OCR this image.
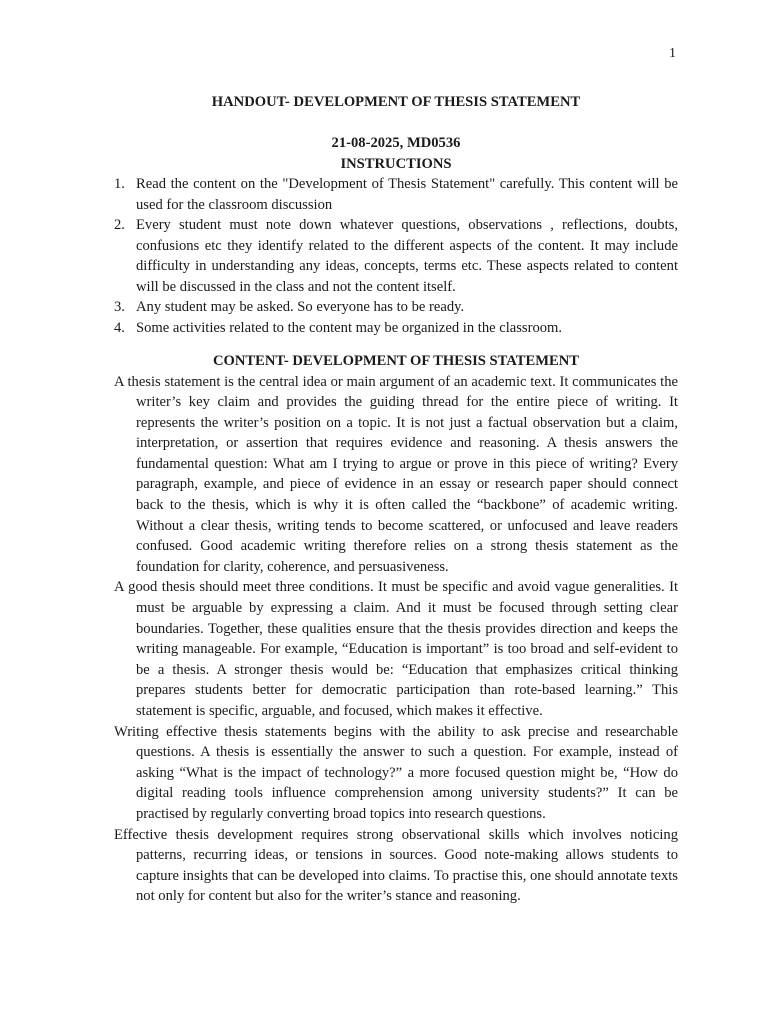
1

HANDOUT- DEVELOPMENT OF THESIS STATEMENT

21-08-2025, MD0536

INSTRUCTIONS

1. Read the content on the "Development of Thesis Statement" carefully. This content will be used for the classroom discussion
2. Every student must note down whatever questions, observations , reflections, doubts, confusions etc they identify related to the different aspects of the content. It may include difficulty in understanding any ideas, concepts, terms etc. These aspects related to content will be discussed in the class and not the content itself.
3. Any student may be asked. So everyone has to be ready.
4. Some activities related to the content may be organized in the classroom.

CONTENT- DEVELOPMENT OF THESIS STATEMENT

A thesis statement is the central idea or main argument of an academic text. It communicates the writer’s key claim and provides the guiding thread for the entire piece of writing. It represents the writer’s position on a topic. It is not just a factual observation but a claim, interpretation, or assertion that requires evidence and reasoning. A thesis answers the fundamental question: What am I trying to argue or prove in this piece of writing? Every paragraph, example, and piece of evidence in an essay or research paper should connect back to the thesis, which is why it is often called the “backbone” of academic writing. Without a clear thesis, writing tends to become scattered, or unfocused and leave readers confused. Good academic writing therefore relies on a strong thesis statement as the foundation for clarity, coherence, and persuasiveness.

A good thesis should meet three conditions. It must be specific and avoid vague generalities. It must be arguable by expressing a claim. And it must be focused through setting clear boundaries. Together, these qualities ensure that the thesis provides direction and keeps the writing manageable. For example, “Education is important” is too broad and self-evident to be a thesis. A stronger thesis would be: “Education that emphasizes critical thinking prepares students better for democratic participation than rote-based learning.” This statement is specific, arguable, and focused, which makes it effective.

Writing effective thesis statements begins with the ability to ask precise and researchable questions. A thesis is essentially the answer to such a question. For example, instead of asking “What is the impact of technology?” a more focused question might be, “How do digital reading tools influence comprehension among university students?” It can be practised by regularly converting broad topics into research questions.

Effective thesis development requires strong observational skills which involves noticing patterns, recurring ideas, or tensions in sources. Good note-making allows students to capture insights that can be developed into claims. To practise this, one should annotate texts not only for content but also for the writer’s stance and reasoning.
